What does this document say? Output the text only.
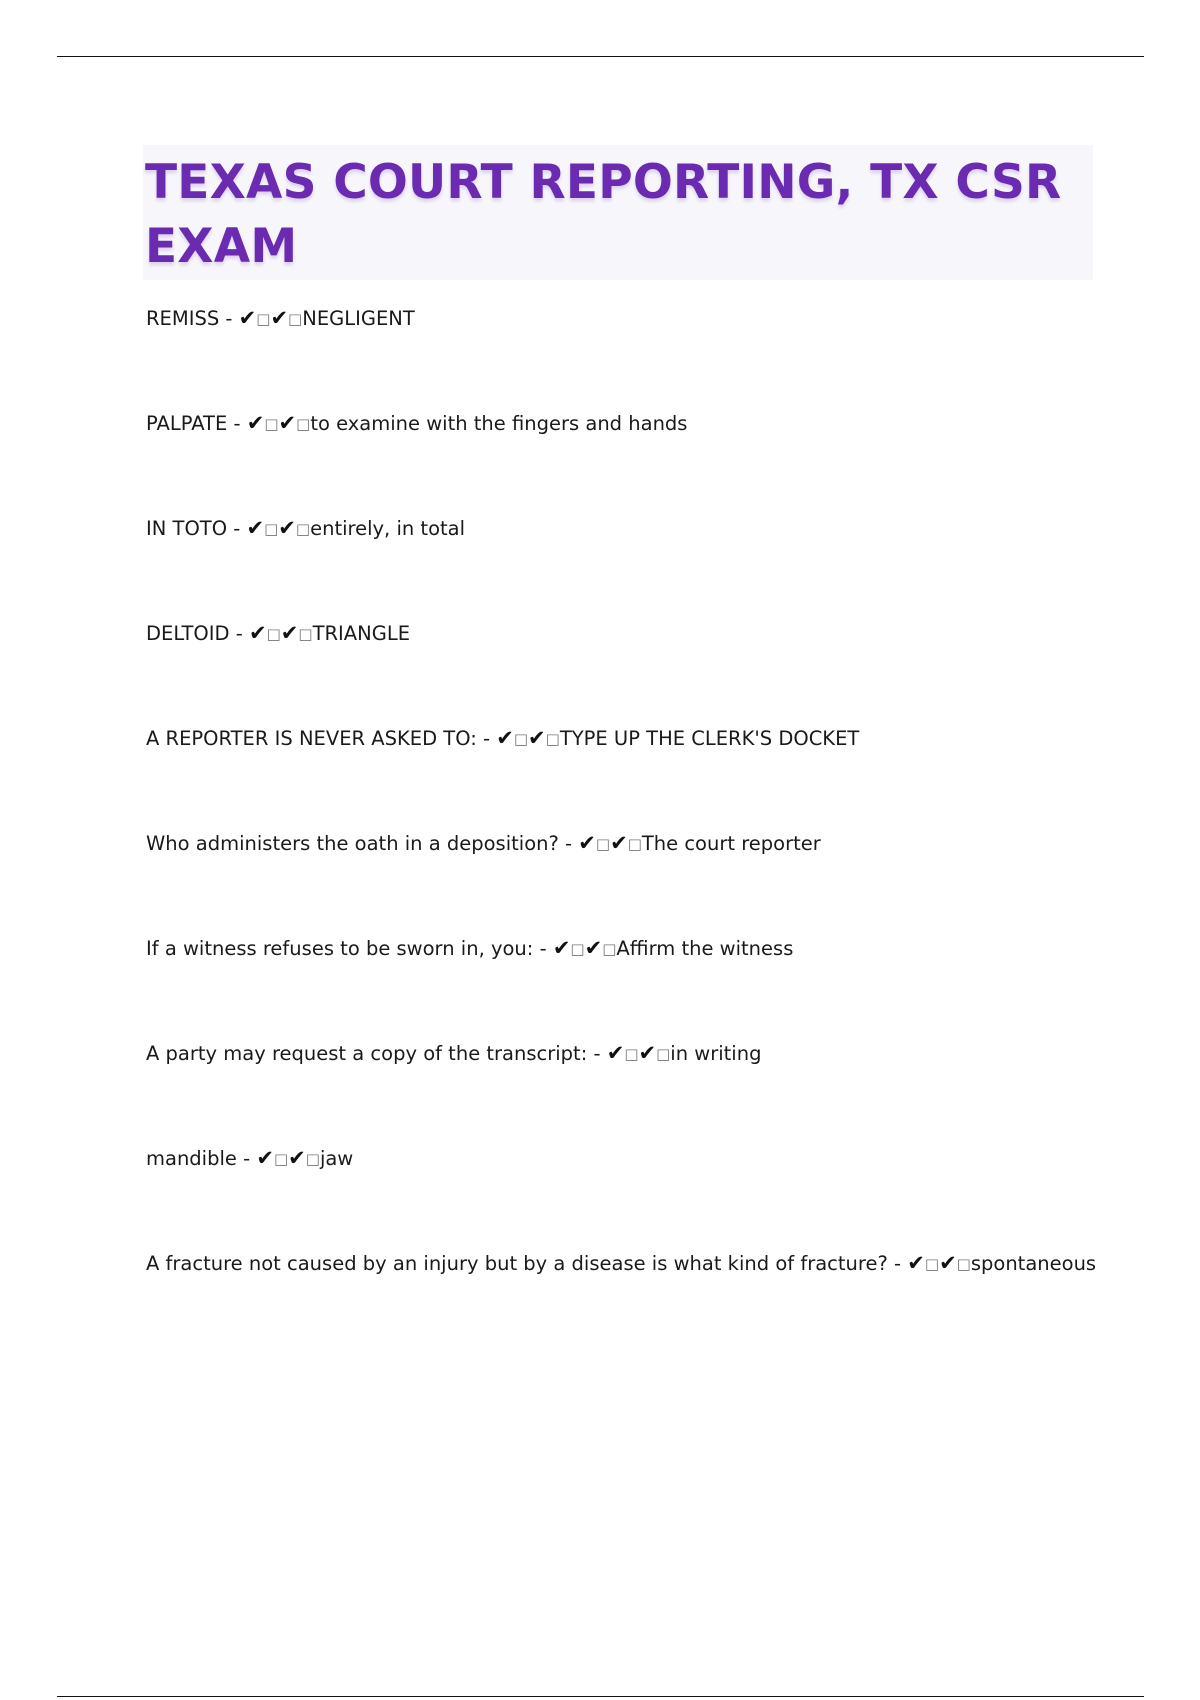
TEXAS COURT REPORTING, TX CSR EXAM

REMISS - ✔□✔□NEGLIGENT

PALPATE - ✔□✔□to examine with the fingers and hands

IN TOTO - ✔□✔□entirely, in total

DELTOID - ✔□✔□TRIANGLE

A REPORTER IS NEVER ASKED TO: - ✔□✔□TYPE UP THE CLERK'S DOCKET

Who administers the oath in a deposition? - ✔□✔□The court reporter

If a witness refuses to be sworn in, you: - ✔□✔□Affirm the witness

A party may request a copy of the transcript: - ✔□✔□in writing

mandible - ✔□✔□jaw

A fracture not caused by an injury but by a disease is what kind of fracture? - ✔□✔□spontaneous
